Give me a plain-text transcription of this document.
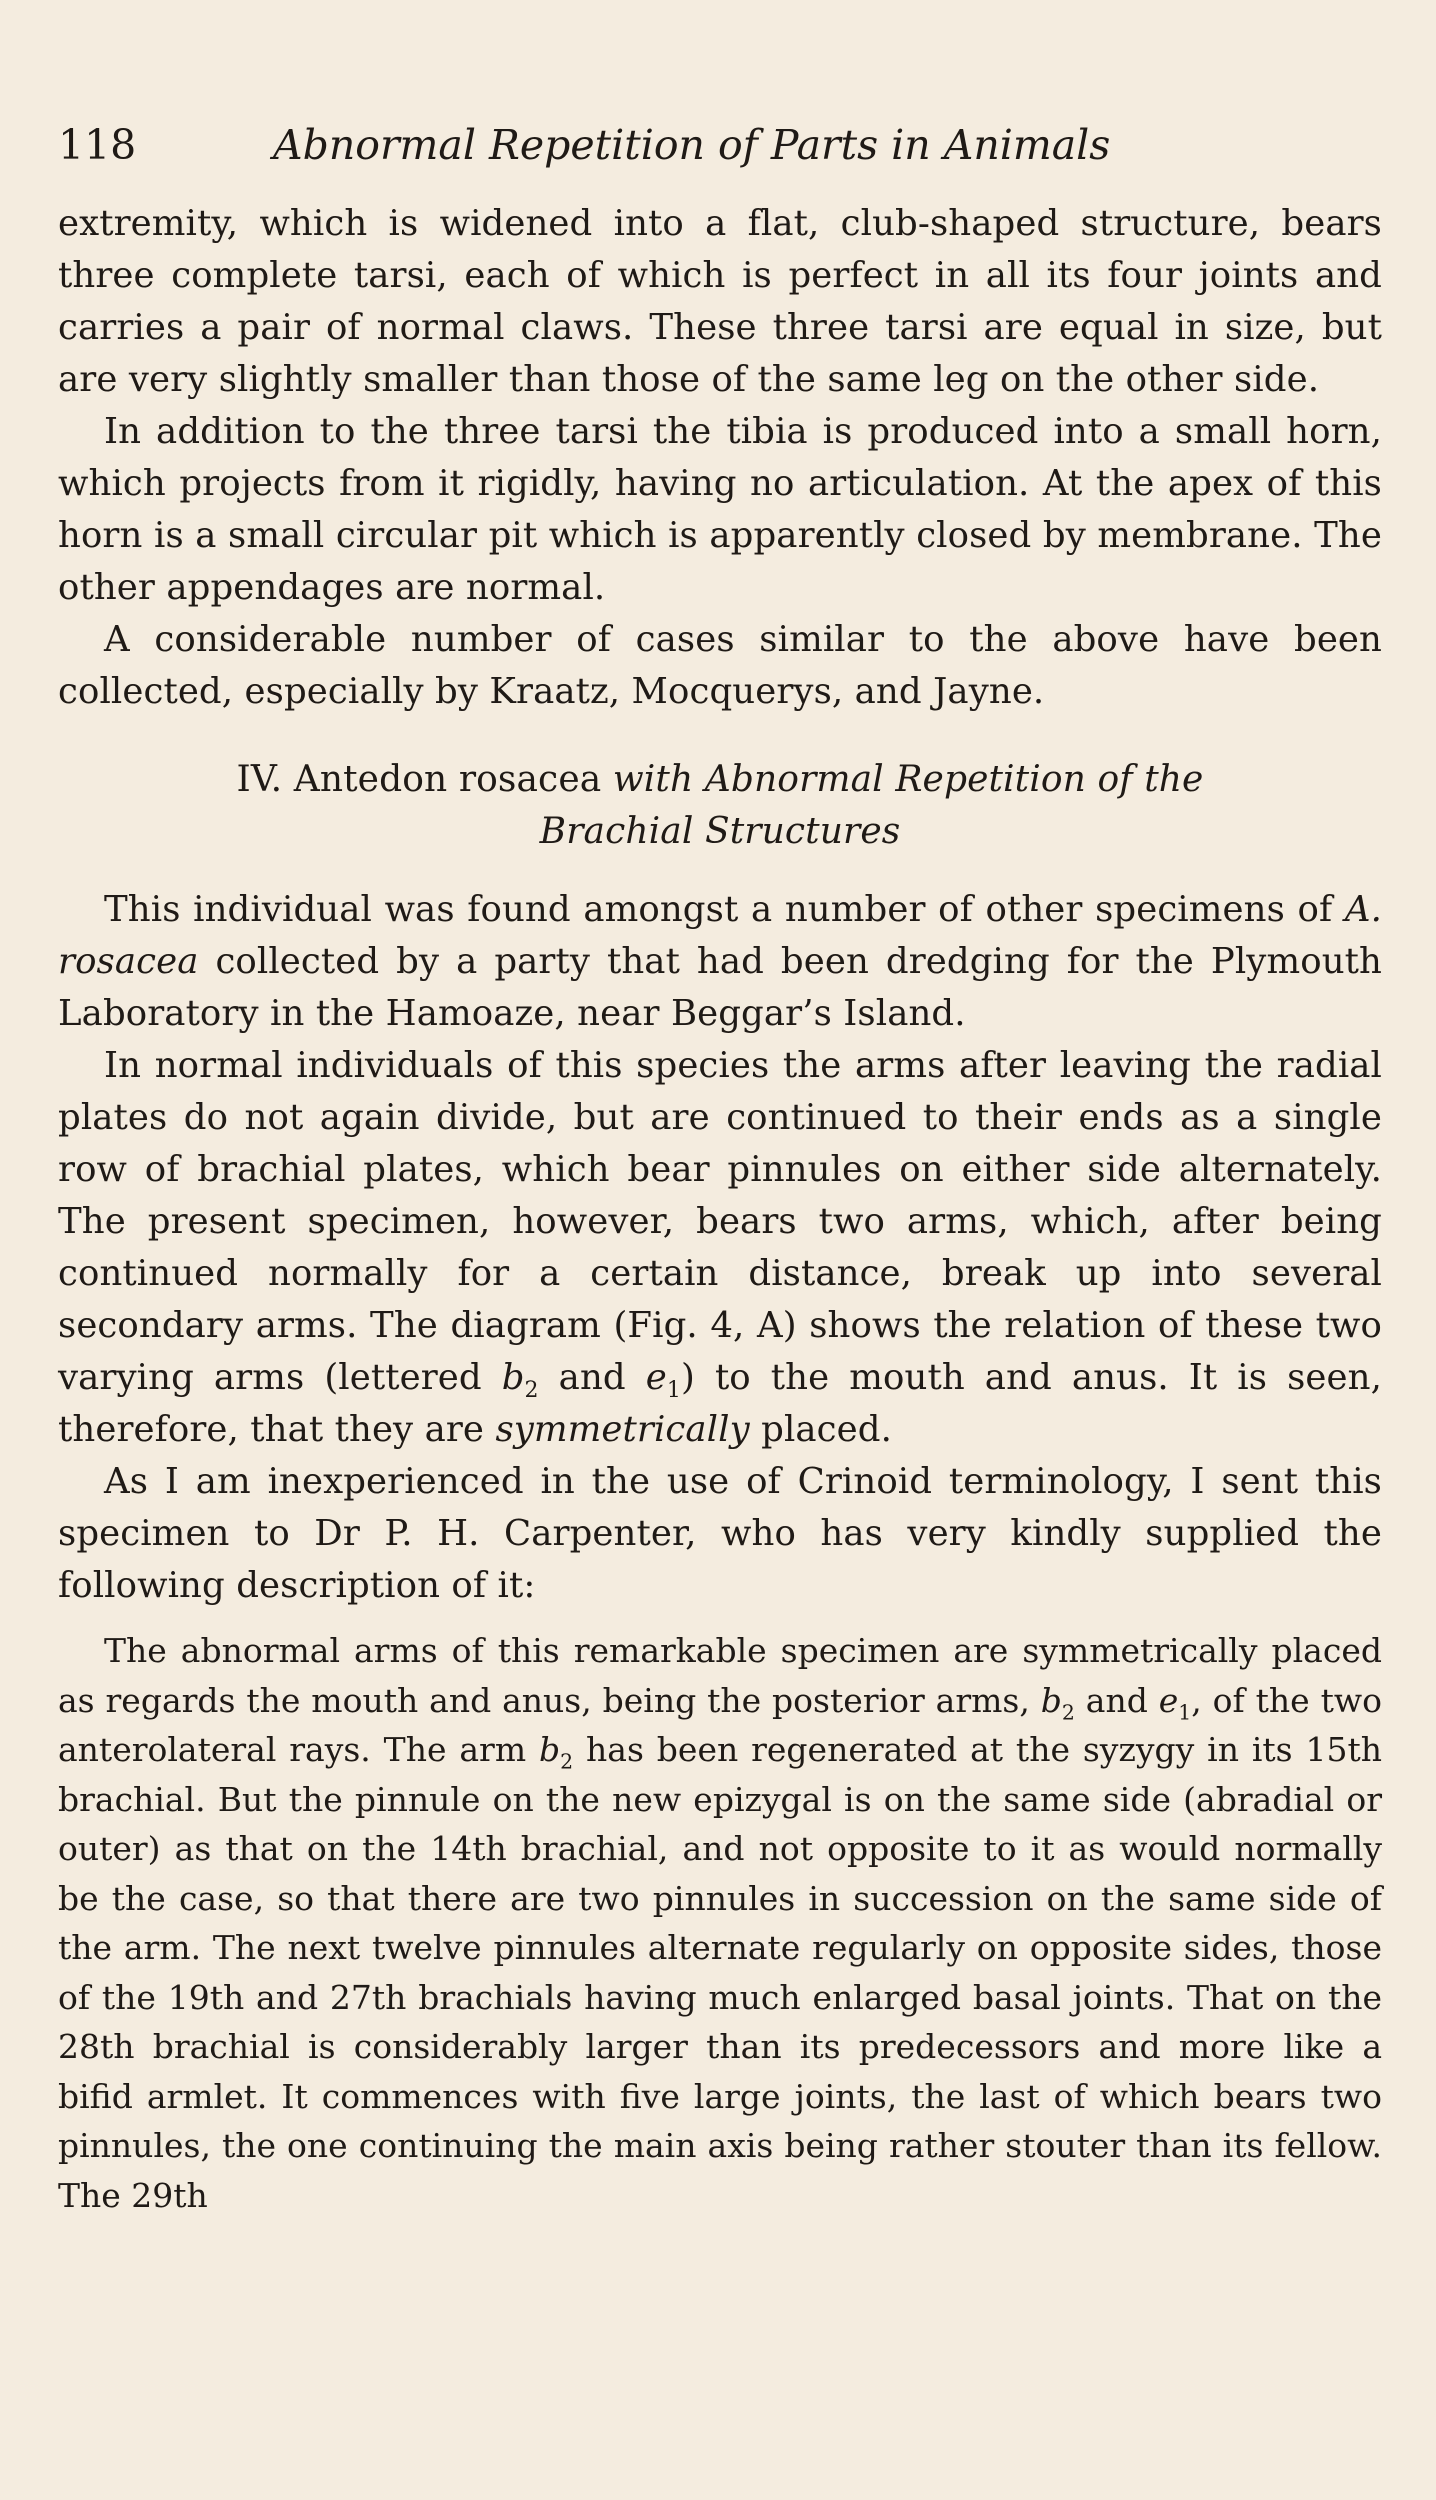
118	Abnormal Repetition of Parts in Animals

extremity, which is widened into a flat, club-shaped structure, bears three complete tarsi, each of which is perfect in all its four joints and carries a pair of normal claws. These three tarsi are equal in size, but are very slightly smaller than those of the same leg on the other side.

In addition to the three tarsi the tibia is produced into a small horn, which projects from it rigidly, having no articulation. At the apex of this horn is a small circular pit which is apparently closed by membrane. The other appendages are normal.

A considerable number of cases similar to the above have been collected, especially by Kraatz, Mocquerys, and Jayne.

IV. Antedon rosacea with Abnormal Repetition of the
Brachial Structures

This individual was found amongst a number of other specimens of A. rosacea collected by a party that had been dredging for the Plymouth Laboratory in the Hamoaze, near Beggar’s Island.

In normal individuals of this species the arms after leaving the radial plates do not again divide, but are continued to their ends as a single row of brachial plates, which bear pinnules on either side alternately. The present specimen, however, bears two arms, which, after being continued normally for a certain distance, break up into several secondary arms. The diagram (Fig. 4, A) shows the relation of these two varying arms (lettered $b_2$ and $e_1$) to the mouth and anus. It is seen, therefore, that they are symmetrically placed.

As I am inexperienced in the use of Crinoid terminology, I sent this specimen to Dr P. H. Carpenter, who has very kindly supplied the following description of it:

The abnormal arms of this remarkable specimen are symmetrically placed as regards the mouth and anus, being the posterior arms, $b_2$ and $e_1$, of the two anterolateral rays. The arm $b_2$ has been regenerated at the syzygy in its 15th brachial. But the pinnule on the new epizygal is on the same side (abradial or outer) as that on the 14th brachial, and not opposite to it as would normally be the case, so that there are two pinnules in succession on the same side of the arm. The next twelve pinnules alternate regularly on opposite sides, those of the 19th and 27th brachials having much enlarged basal joints. That on the 28th brachial is considerably larger than its predecessors and more like a bifid armlet. It commences with five large joints, the last of which bears two pinnules, the one continuing the main axis being rather stouter than its fellow. The 29th
